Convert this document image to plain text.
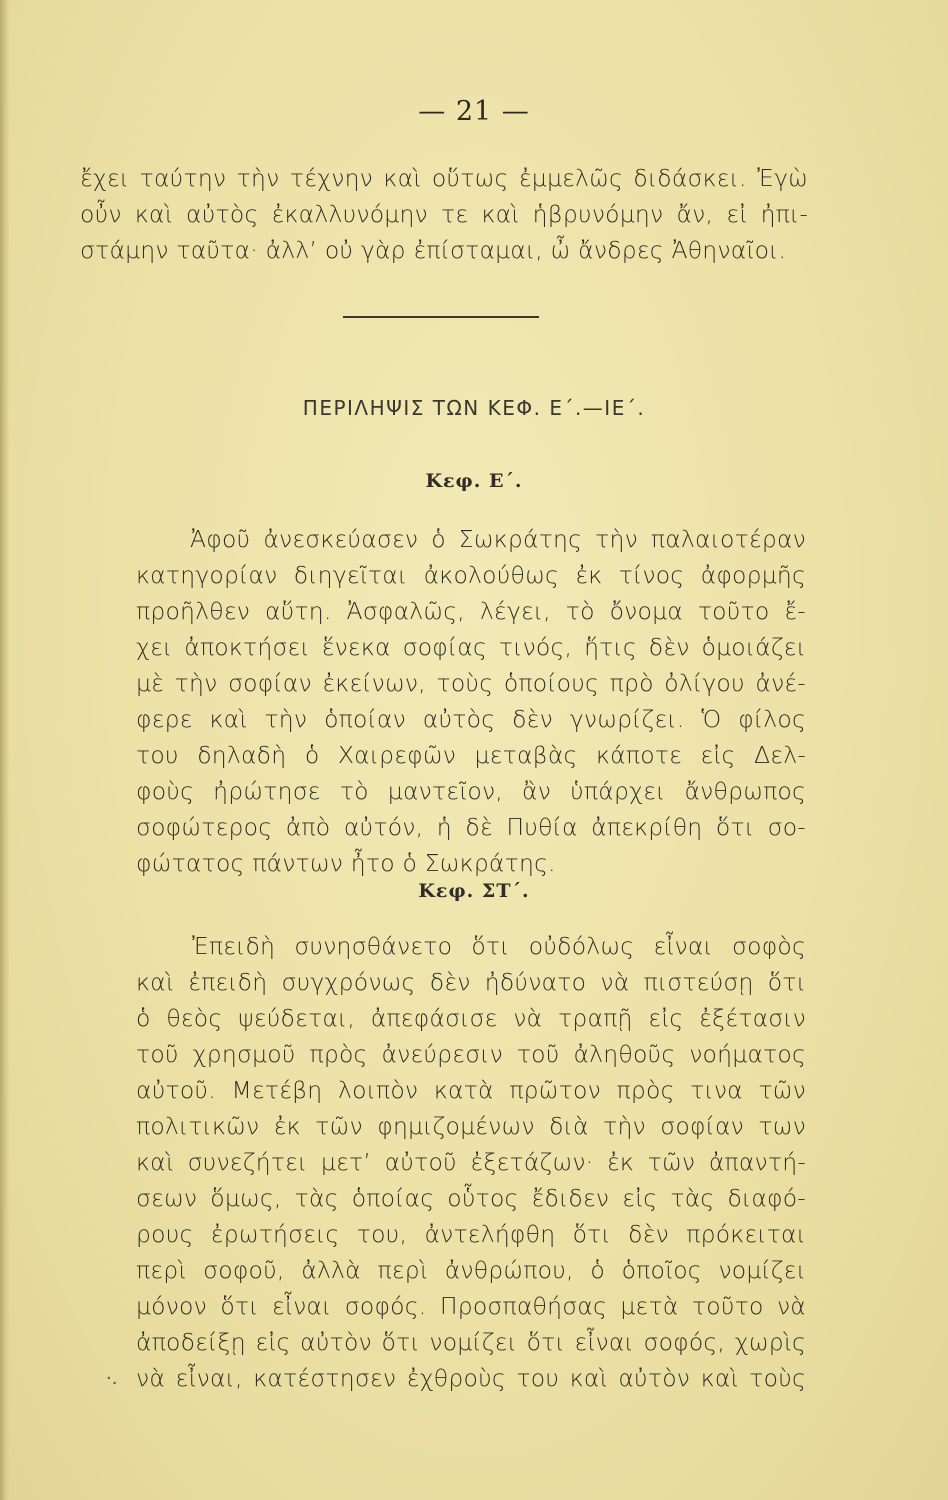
— 21 —
ἔχει ταύτην τὴν τέχνην καὶ οὕτως ἐμμελῶς διδάσκει. Ἐγὼ
οὖν καὶ αὐτὸς ἐκαλλυνόμην τε καὶ ἡβρυνόμην ἄν, εἰ ἠπι-
στάμην ταῦτα· ἀλλ’ οὐ γὰρ ἐπίσταμαι, ὦ ἄνδρες Ἀθηναῖοι.
ΠΕΡΙΛΗΨΙΣ ΤΩΝ ΚΕΦ. Ε΄.—ΙΕ΄.
Κεφ. Ε΄.
Ἀφοῦ ἀνεσκεύασεν ὁ Σωκράτης τὴν παλαιοτέραν
κατηγορίαν διηγεῖται ἀκολούθως ἐκ τίνος ἀφορμῆς
προῆλθεν αὕτη. Ἀσφαλῶς, λέγει, τὸ ὄνομα τοῦτο ἔ-
χει ἀποκτήσει ἕνεκα σοφίας τινός, ἥτις δὲν ὁμοιάζει
μὲ τὴν σοφίαν ἐκείνων, τοὺς ὁποίους πρὸ ὀλίγου ἀνέ-
φερε καὶ τὴν ὁποίαν αὐτὸς δὲν γνωρίζει. Ὁ φίλος
του δηλαδὴ ὁ Χαιρεφῶν μεταβὰς κάποτε εἰς Δελ-
φοὺς ἠρώτησε τὸ μαντεῖον, ἂν ὑπάρχει ἄνθρωπος
σοφώτερος ἀπὸ αὐτόν, ἡ δὲ Πυθία ἀπεκρίθη ὅτι σο-
φώτατος πάντων ἦτο ὁ Σωκράτης.
Κεφ. ΣΤ΄.
Ἐπειδὴ συνησθάνετο ὅτι οὐδόλως εἶναι σοφὸς
καὶ ἐπειδὴ συγχρόνως δὲν ἠδύνατο νὰ πιστεύσῃ ὅτι
ὁ θεὸς ψεύδεται, ἀπεφάσισε νὰ τραπῇ εἰς ἐξέτασιν
τοῦ χρησμοῦ πρὸς ἀνεύρεσιν τοῦ ἀληθοῦς νοήματος
αὐτοῦ. Μετέβη λοιπὸν κατὰ πρῶτον πρὸς τινα τῶν
πολιτικῶν ἐκ τῶν φημιζομένων διὰ τὴν σοφίαν των
καὶ συνεζήτει μετ’ αὐτοῦ ἐξετάζων· ἐκ τῶν ἀπαντή-
σεων ὅμως, τὰς ὁποίας οὗτος ἔδιδεν εἰς τὰς διαφό-
ρους ἐρωτήσεις του, ἀντελήφθη ὅτι δὲν πρόκειται
περὶ σοφοῦ, ἀλλὰ περὶ ἀνθρώπου, ὁ ὁποῖος νομίζει
μόνον ὅτι εἶναι σοφός. Προσπαθήσας μετὰ τοῦτο νὰ
ἀποδείξῃ εἰς αὐτὸν ὅτι νομίζει ὅτι εἶναι σοφός, χωρὶς
νὰ εἶναι, κατέστησεν ἐχθροὺς του καὶ αὐτὸν καὶ τοὺς
·.
